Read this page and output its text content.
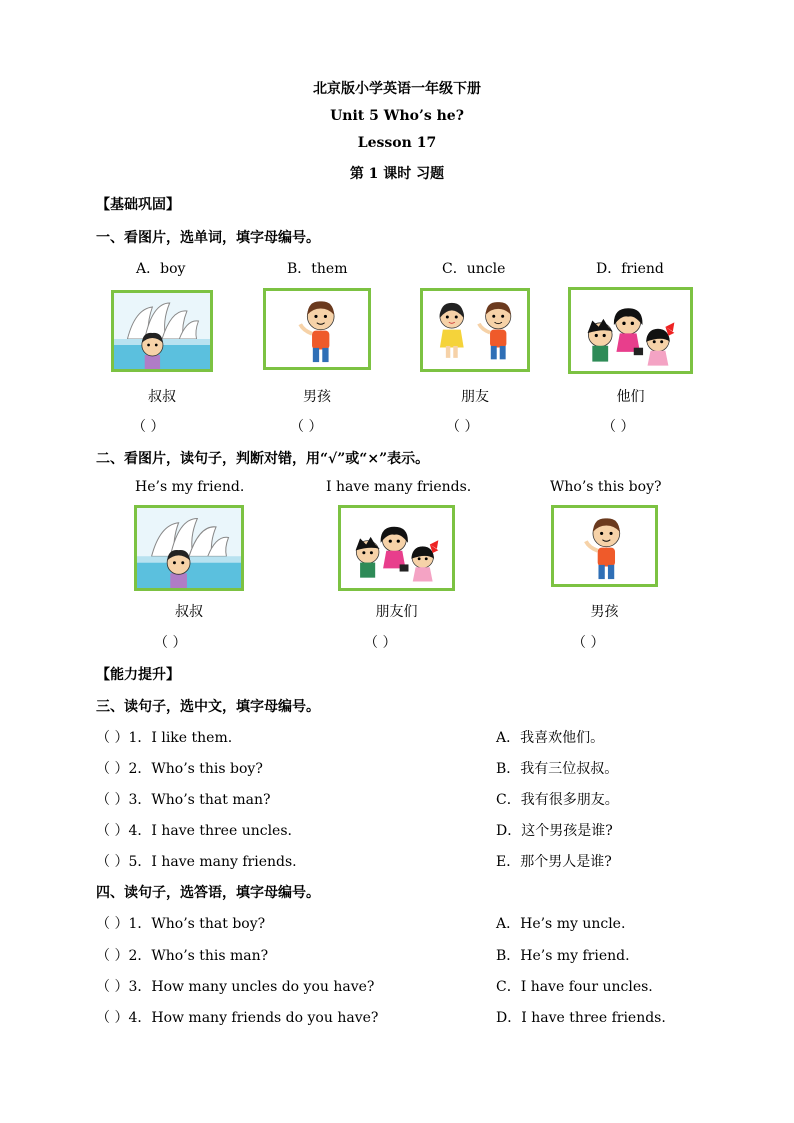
北京版小学英语一年级下册
Unit 5 Who’s he?
Lesson 17
第 1 课时 习题
【基础巩固】
一、看图片，选单词，填字母编号。
A．boy	B．them	C．uncle	D．friend
叔叔	男孩	朋友	他们
（ ）	（ ）	（ ）	（ ）
二、看图片，读句子，判断对错，用“√”或“×”表示。
He’s my friend.	I have many friends.	Who’s this boy?
叔叔	朋友们	男孩
（ ）	（ ）	（ ）
【能力提升】
三、读句子，选中文，填字母编号。
（ ）1．I like them.	A．我喜欢他们。
（ ）2．Who’s this boy?	B．我有三位叔叔。
（ ）3．Who’s that man?	C．我有很多朋友。
（ ）4．I have three uncles.	D．这个男孩是谁?
（ ）5．I have many friends.	E．那个男人是谁?
四、读句子，选答语，填字母编号。
（ ）1．Who’s that boy?	A．He’s my uncle.
（ ）2．Who’s this man?	B．He’s my friend.
（ ）3．How many uncles do you have?	C．I have four uncles.
（ ）4．How many friends do you have?	D．I have three friends.
